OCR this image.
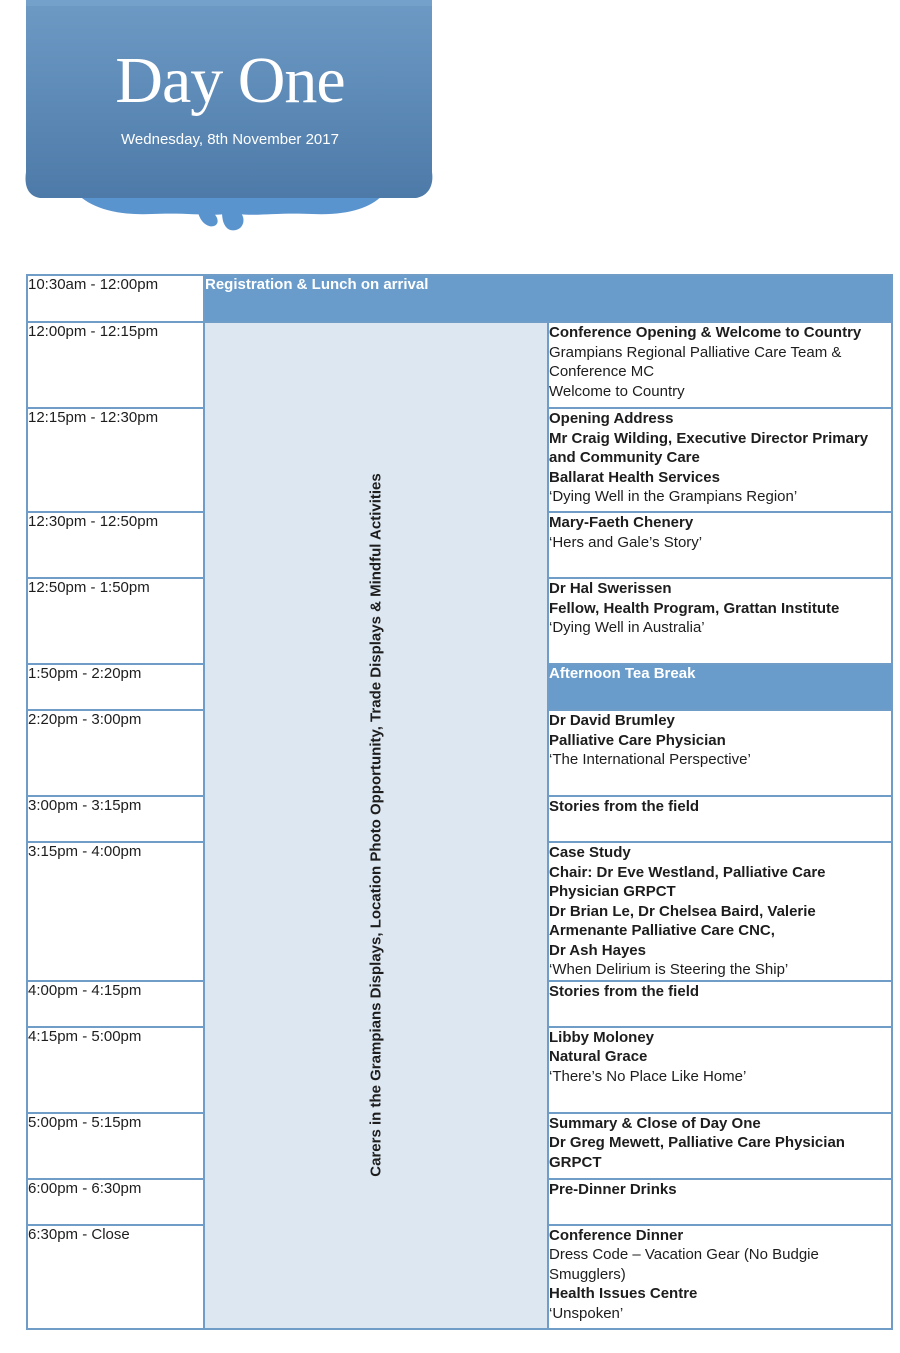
Day One
Wednesday, 8th November 2017
10:30am - 12:00pm	Registration & Lunch on arrival	
12:00pm - 12:15pm	Carers in the Grampians Displays, Location Photo Opportunity, Trade Displays & Mindful Activities	Conference Opening & Welcome to Country
Grampians Regional Palliative Care Team & Conference MC
Welcome to Country

12:15pm - 12:30pm		Opening Address
Mr Craig Wilding, Executive Director Primary and Community Care
Ballarat Health Services
‘Dying Well in the Grampians Region’

12:30pm - 12:50pm		Mary-Faeth Chenery
‘Hers and Gale’s Story’

12:50pm - 1:50pm		Dr Hal Swerissen
Fellow, Health Program, Grattan Institute
‘Dying Well in Australia’

1:50pm - 2:20pm		Afternoon Tea Break
2:20pm - 3:00pm		Dr David Brumley
Palliative Care Physician
‘The International Perspective’

3:00pm - 3:15pm		Stories from the field

3:15pm - 4:00pm		Case Study
Chair: Dr Eve Westland, Palliative Care Physician GRPCT
Dr Brian Le, Dr Chelsea Baird, Valerie Armenante Palliative Care CNC,
Dr Ash Hayes
‘When Delirium is Steering the Ship’

4:00pm - 4:15pm		Stories from the field

4:15pm - 5:00pm		Libby Moloney
Natural Grace
‘There’s No Place Like Home’

5:00pm - 5:15pm		Summary & Close of Day One
Dr Greg Mewett, Palliative Care Physician GRPCT

6:00pm - 6:30pm		Pre-Dinner Drinks

6:30pm - Close		Conference Dinner
Dress Code – Vacation Gear (No Budgie Smugglers)
Health Issues Centre
‘Unspoken’
